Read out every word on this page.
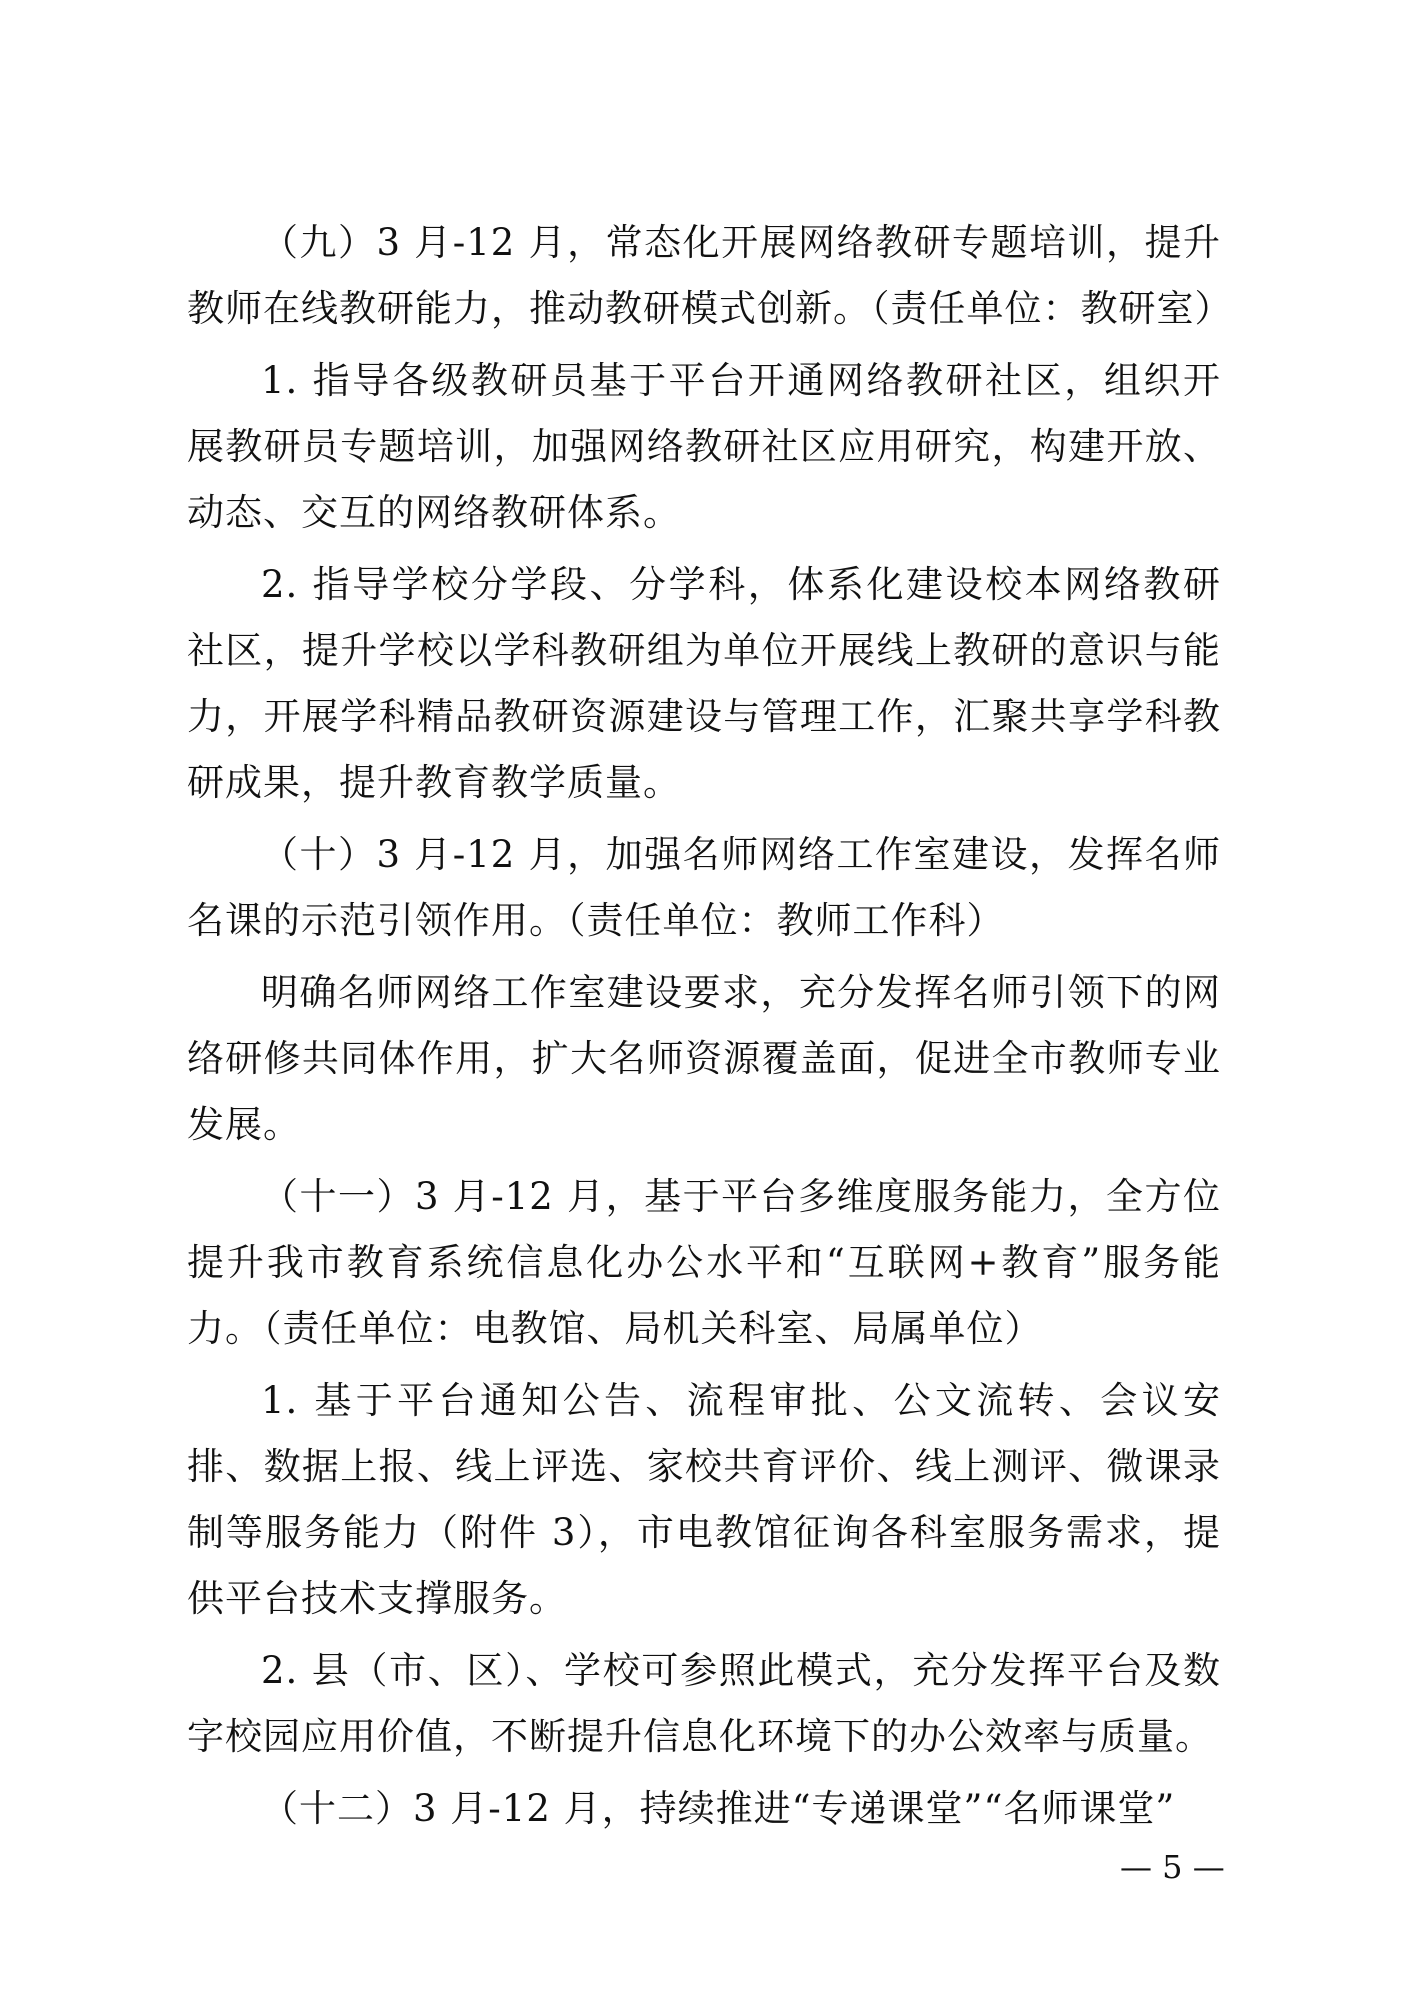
（九）3 月-12 月，常态化开展网络教研专题培训，提升教师在线教研能力，推动教研模式创新。（责任单位：教研室）

1. 指导各级教研员基于平台开通网络教研社区，组织开展教研员专题培训，加强网络教研社区应用研究，构建开放、动态、交互的网络教研体系。

2. 指导学校分学段、分学科，体系化建设校本网络教研社区，提升学校以学科教研组为单位开展线上教研的意识与能力，开展学科精品教研资源建设与管理工作，汇聚共享学科教研成果，提升教育教学质量。

（十）3 月-12 月，加强名师网络工作室建设，发挥名师名课的示范引领作用。（责任单位：教师工作科）

明确名师网络工作室建设要求，充分发挥名师引领下的网络研修共同体作用，扩大名师资源覆盖面，促进全市教师专业发展。

（十一）3 月-12 月，基于平台多维度服务能力，全方位提升我市教育系统信息化办公水平和“互联网+教育”服务能力。（责任单位：电教馆、局机关科室、局属单位）

1. 基于平台通知公告、流程审批、公文流转、会议安排、数据上报、线上评选、家校共育评价、线上测评、微课录制等服务能力（附件 3），市电教馆征询各科室服务需求，提供平台技术支撑服务。

2. 县（市、区）、学校可参照此模式，充分发挥平台及数字校园应用价值，不断提升信息化环境下的办公效率与质量。

（十二）3 月-12 月，持续推进“专递课堂”“名师课堂”

— 5 —
